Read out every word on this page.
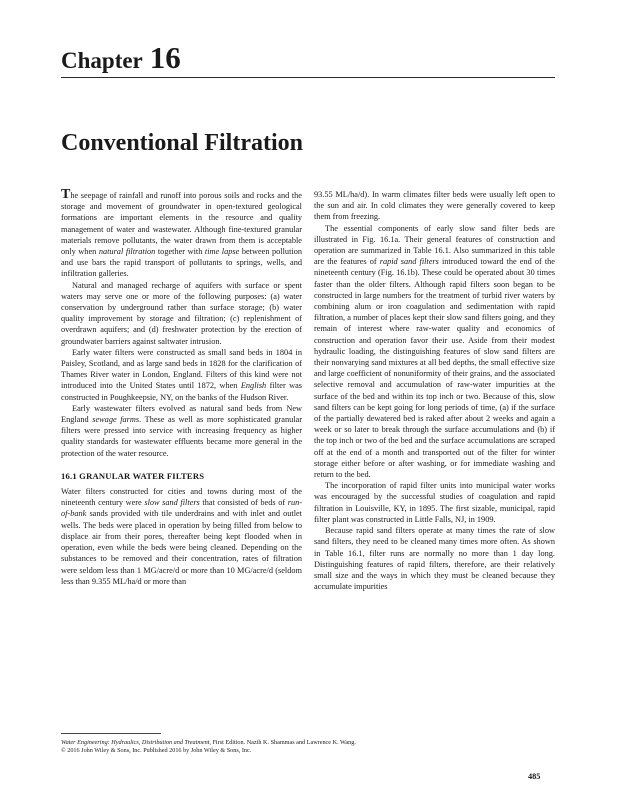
Chapter 16
Conventional Filtration

The seepage of rainfall and runoff into porous soils and rocks and the storage and movement of groundwater in open-textured geological formations are important elements in the resource and quality management of water and wastewater. Although fine-textured granular materials remove pollutants, the water drawn from them is acceptable only when natural filtration together with time lapse between pollution and use bars the rapid transport of pollutants to springs, wells, and infiltration galleries.

Natural and managed recharge of aquifers with surface or spent waters may serve one or more of the following purposes: (a) water conservation by underground rather than surface storage; (b) water quality improvement by storage and filtration; (c) replenishment of overdrawn aquifers; and (d) freshwater protection by the erection of groundwater barriers against saltwater intrusion.

Early water filters were constructed as small sand beds in 1804 in Paisley, Scotland, and as large sand beds in 1828 for the clarification of Thames River water in London, England. Filters of this kind were not introduced into the United States until 1872, when English filter was constructed in Poughkeepsie, NY, on the banks of the Hudson River.

Early wastewater filters evolved as natural sand beds from New England sewage farms. These as well as more sophisticated granular filters were pressed into service with increasing frequency as higher quality standards for wastewater effluents became more general in the protection of the water resource.

16.1 GRANULAR WATER FILTERS

Water filters constructed for cities and towns during most of the nineteenth century were slow sand filters that consisted of beds of run-of-bank sands provided with tile underdrains and with inlet and outlet wells. The beds were placed in operation by being filled from below to displace air from their pores, thereafter being kept flooded when in operation, even while the beds were being cleaned. Depending on the substances to be removed and their concentration, rates of filtration were seldom less than 1 MG/acre/d or more than 10 MG/acre/d (seldom less than 9.355 ML/ha/d or more than

93.55 ML/ha/d). In warm climates filter beds were usually left open to the sun and air. In cold climates they were generally covered to keep them from freezing.

The essential components of early slow sand filter beds are illustrated in Fig. 16.1a. Their general features of construction and operation are summarized in Table 16.1. Also summarized in this table are the features of rapid sand filters introduced toward the end of the nineteenth century (Fig. 16.1b). These could be operated about 30 times faster than the older filters. Although rapid filters soon began to be constructed in large numbers for the treatment of turbid river waters by combining alum or iron coagulation and sedimentation with rapid filtration, a number of places kept their slow sand filters going, and they remain of interest where raw-water quality and economics of construction and operation favor their use. Aside from their modest hydraulic loading, the distinguishing features of slow sand filters are their nonvarying sand mixtures at all bed depths, the small effective size and large coefficient of nonuniformity of their grains, and the associated selective removal and accumulation of raw-water impurities at the surface of the bed and within its top inch or two. Because of this, slow sand filters can be kept going for long periods of time, (a) if the surface of the partially dewatered bed is raked after about 2 weeks and again a week or so later to break through the surface accumulations and (b) if the top inch or two of the bed and the surface accumulations are scraped off at the end of a month and transported out of the filter for winter storage either before or after washing, or for immediate washing and return to the bed.

The incorporation of rapid filter units into municipal water works was encouraged by the successful studies of coagulation and rapid filtration in Louisville, KY, in 1895. The first sizable, municipal, rapid filter plant was constructed in Little Falls, NJ, in 1909.

Because rapid sand filters operate at many times the rate of slow sand filters, they need to be cleaned many times more often. As shown in Table 16.1, filter runs are normally no more than 1 day long. Distinguishing features of rapid filters, therefore, are their relatively small size and the ways in which they must be cleaned because they accumulate impurities

Water Engineering: Hydraulics, Distribution and Treatment, First Edition. Nazih K. Shammas and Lawrence K. Wang.
© 2016 John Wiley & Sons, Inc. Published 2016 by John Wiley & Sons, Inc.
485
